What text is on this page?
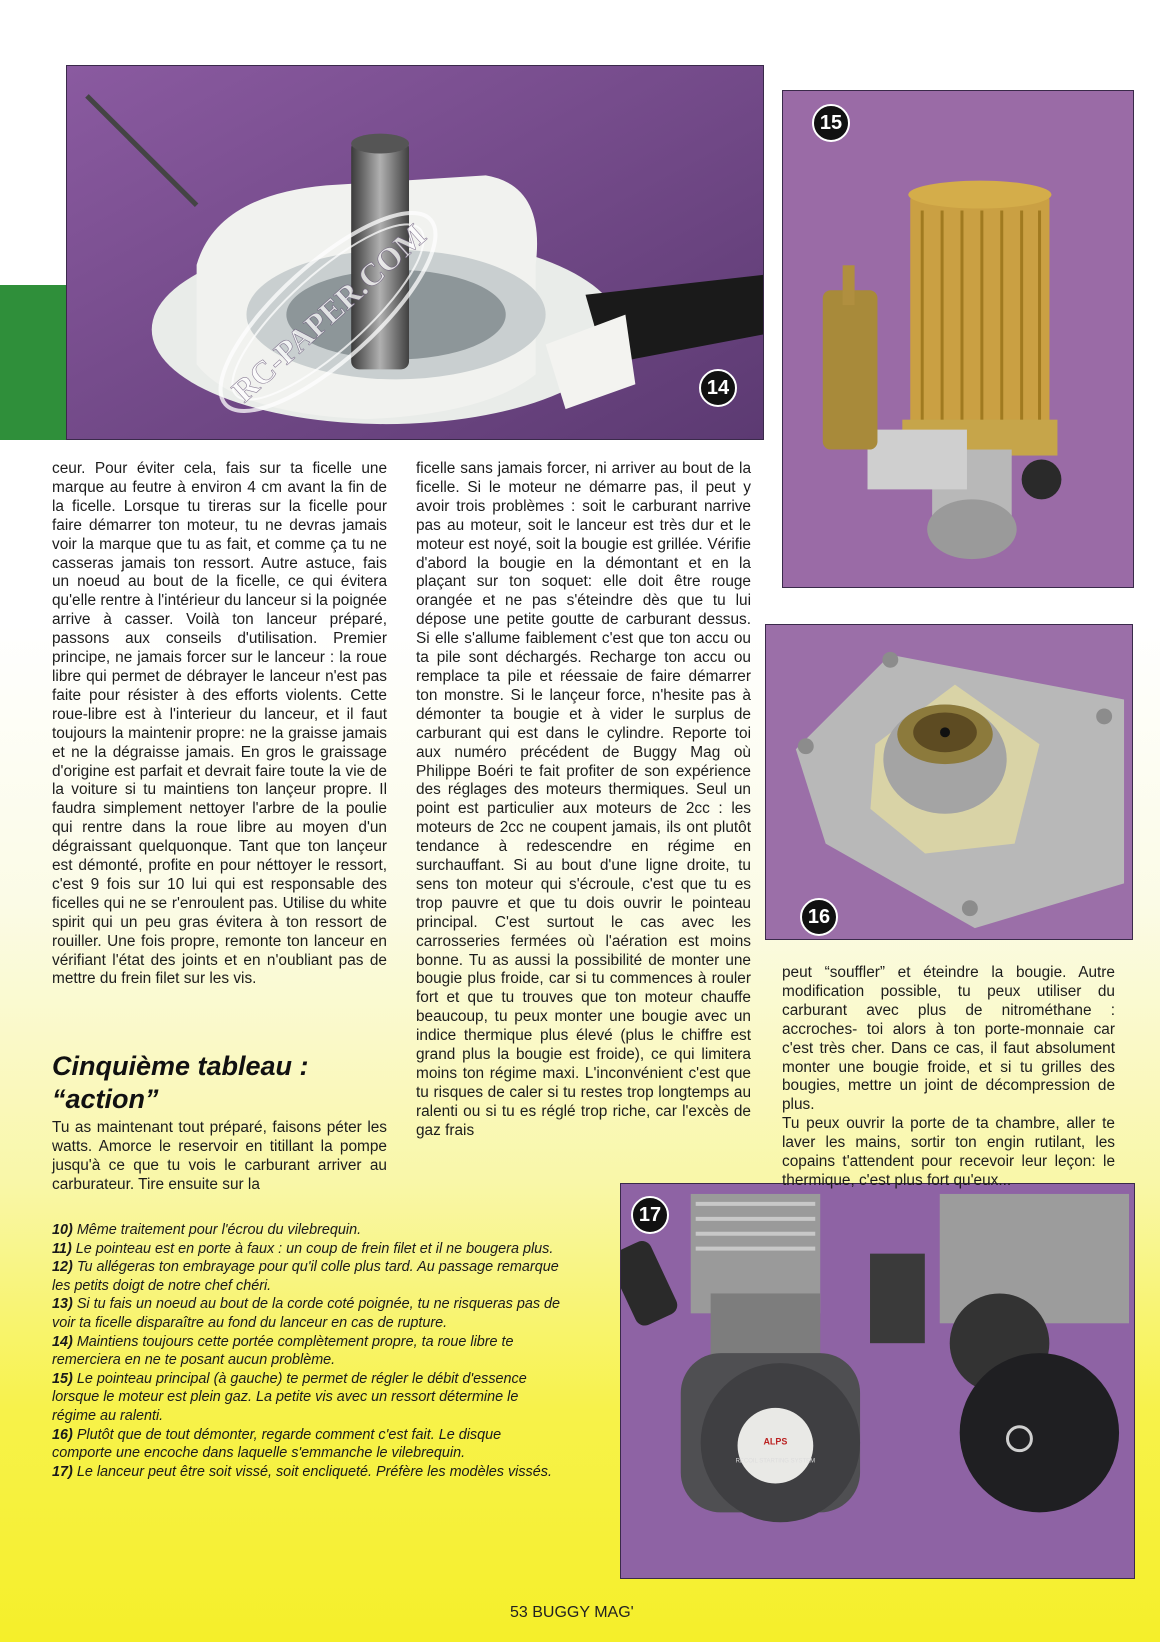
14
RC-PAPER.COM
15
16
ALPS
RECOIL STARTING SYSTEM
17

ceur. Pour éviter cela, fais sur ta ficelle une marque au feutre à environ 4 cm avant la fin de la ficelle. Lorsque tu tireras sur la ficelle pour faire démarrer ton moteur, tu ne devras jamais voir la marque que tu as fait, et comme ça tu ne casseras jamais ton ressort. Autre astuce, fais un noeud au bout de la ficelle, ce qui évitera qu'elle rentre à l'intérieur du lanceur si la poignée arrive à casser. Voilà ton lanceur préparé, passons aux conseils d'utilisation. Premier principe, ne jamais forcer sur le lanceur : la roue libre qui permet de débrayer le lanceur n'est pas faite pour résister à des efforts violents. Cette roue-libre est à l'interieur du lanceur, et il faut toujours la maintenir propre: ne la graisse jamais et ne la dégraisse jamais. En gros le graissage d'origine est parfait et devrait faire toute la vie de la voiture si tu maintiens ton lançeur propre. Il faudra simplement nettoyer l'arbre de la poulie qui rentre dans la roue libre au moyen d'un dégraissant quelquonque. Tant que ton lançeur est démonté, profite en pour néttoyer le ressort, c'est 9 fois sur 10 lui qui est responsable des ficelles qui ne se r'enroulent pas. Utilise du white spirit qui un peu gras évitera à ton ressort de rouiller. Une fois propre, remonte ton lanceur en vérifiant l'état des joints et en n'oubliant pas de mettre du frein filet sur les vis.

Cinquième tableau :
“action”

Tu as maintenant tout préparé, faisons péter les watts. Amorce le reservoir en titillant la pompe jusqu'à ce que tu vois le carburant arriver au carburateur. Tire ensuite sur la

ficelle sans jamais forcer, ni arriver au bout de la ficelle. Si le moteur ne démarre pas, il peut y avoir trois problèmes : soit le carburant narrive pas au moteur, soit le lanceur est très dur et le moteur est noyé, soit la bougie est grillée. Vérifie d'abord la bougie en la démontant et en la plaçant sur ton soquet: elle doit être rouge orangée et ne pas s'éteindre dès que tu lui dépose une petite goutte de carburant dessus. Si elle s'allume faiblement c'est que ton accu ou ta pile sont déchargés. Recharge ton accu ou remplace ta pile et réessaie de faire démarrer ton monstre. Si le lançeur force, n'hesite pas à démonter ta bougie et à vider le surplus de carburant qui est dans le cylindre. Reporte toi aux numéro précédent de Buggy Mag où Philippe Boéri te fait profiter de son expérience des réglages des moteurs thermiques. Seul un point est particulier aux moteurs de 2cc : les moteurs de 2cc ne coupent jamais, ils ont plutôt tendance à redescendre en régime en surchauffant. Si au bout d'une ligne droite, tu sens ton moteur qui s'écroule, c'est que tu es trop pauvre et que tu dois ouvrir le pointeau principal. C'est surtout le cas avec les carrosseries fermées où l'aération est moins bonne. Tu as aussi la possibilité de monter une bougie plus froide, car si tu commences à rouler fort et que tu trouves que ton moteur chauffe beaucoup, tu peux monter une bougie avec un indice thermique plus élevé (plus le chiffre est grand plus la bougie est froide), ce qui limitera moins ton régime maxi. L'inconvénient c'est que tu risques de caler si tu restes trop longtemps au ralenti ou si tu es réglé trop riche, car l'excès de gaz frais

peut “souffler” et éteindre la bougie. Autre modification possible, tu peux utiliser du carburant avec plus de nitrométhane : accroches- toi alors à ton porte-monnaie car c'est très cher. Dans ce cas, il faut absolument monter une bougie froide, et si tu grilles des bougies, mettre un joint de décompression de plus.

Tu peux ouvrir la porte de ta chambre, aller te laver les mains, sortir ton engin rutilant, les copains t'attendent pour recevoir leur leçon: le thermique, c'est plus fort qu'eux...

10) Même traitement pour l'écrou du vilebrequin.

11) Le pointeau est en porte à faux : un coup de frein filet et il ne bougera plus.

12) Tu allégeras ton embrayage pour qu'il colle plus tard. Au passage remarque les petits doigt de notre chef chéri.

13) Si tu fais un noeud au bout de la corde coté poignée, tu ne risqueras pas de voir ta ficelle disparaître au fond du lanceur en cas de rupture.

14) Maintiens toujours cette portée complètement propre, ta roue libre te remerciera en ne te posant aucun problème.

15) Le pointeau principal (à gauche) te permet de régler le débit d'essence lorsque le moteur est plein gaz. La petite vis avec un ressort détermine le régime au ralenti.

16) Plutôt que de tout démonter, regarde comment c'est fait. Le disque comporte une encoche dans laquelle s'emmanche le vilebrequin.

17) Le lanceur peut être soit vissé, soit encliqueté. Préfère les modèles vissés.

53 BUGGY MAG'
